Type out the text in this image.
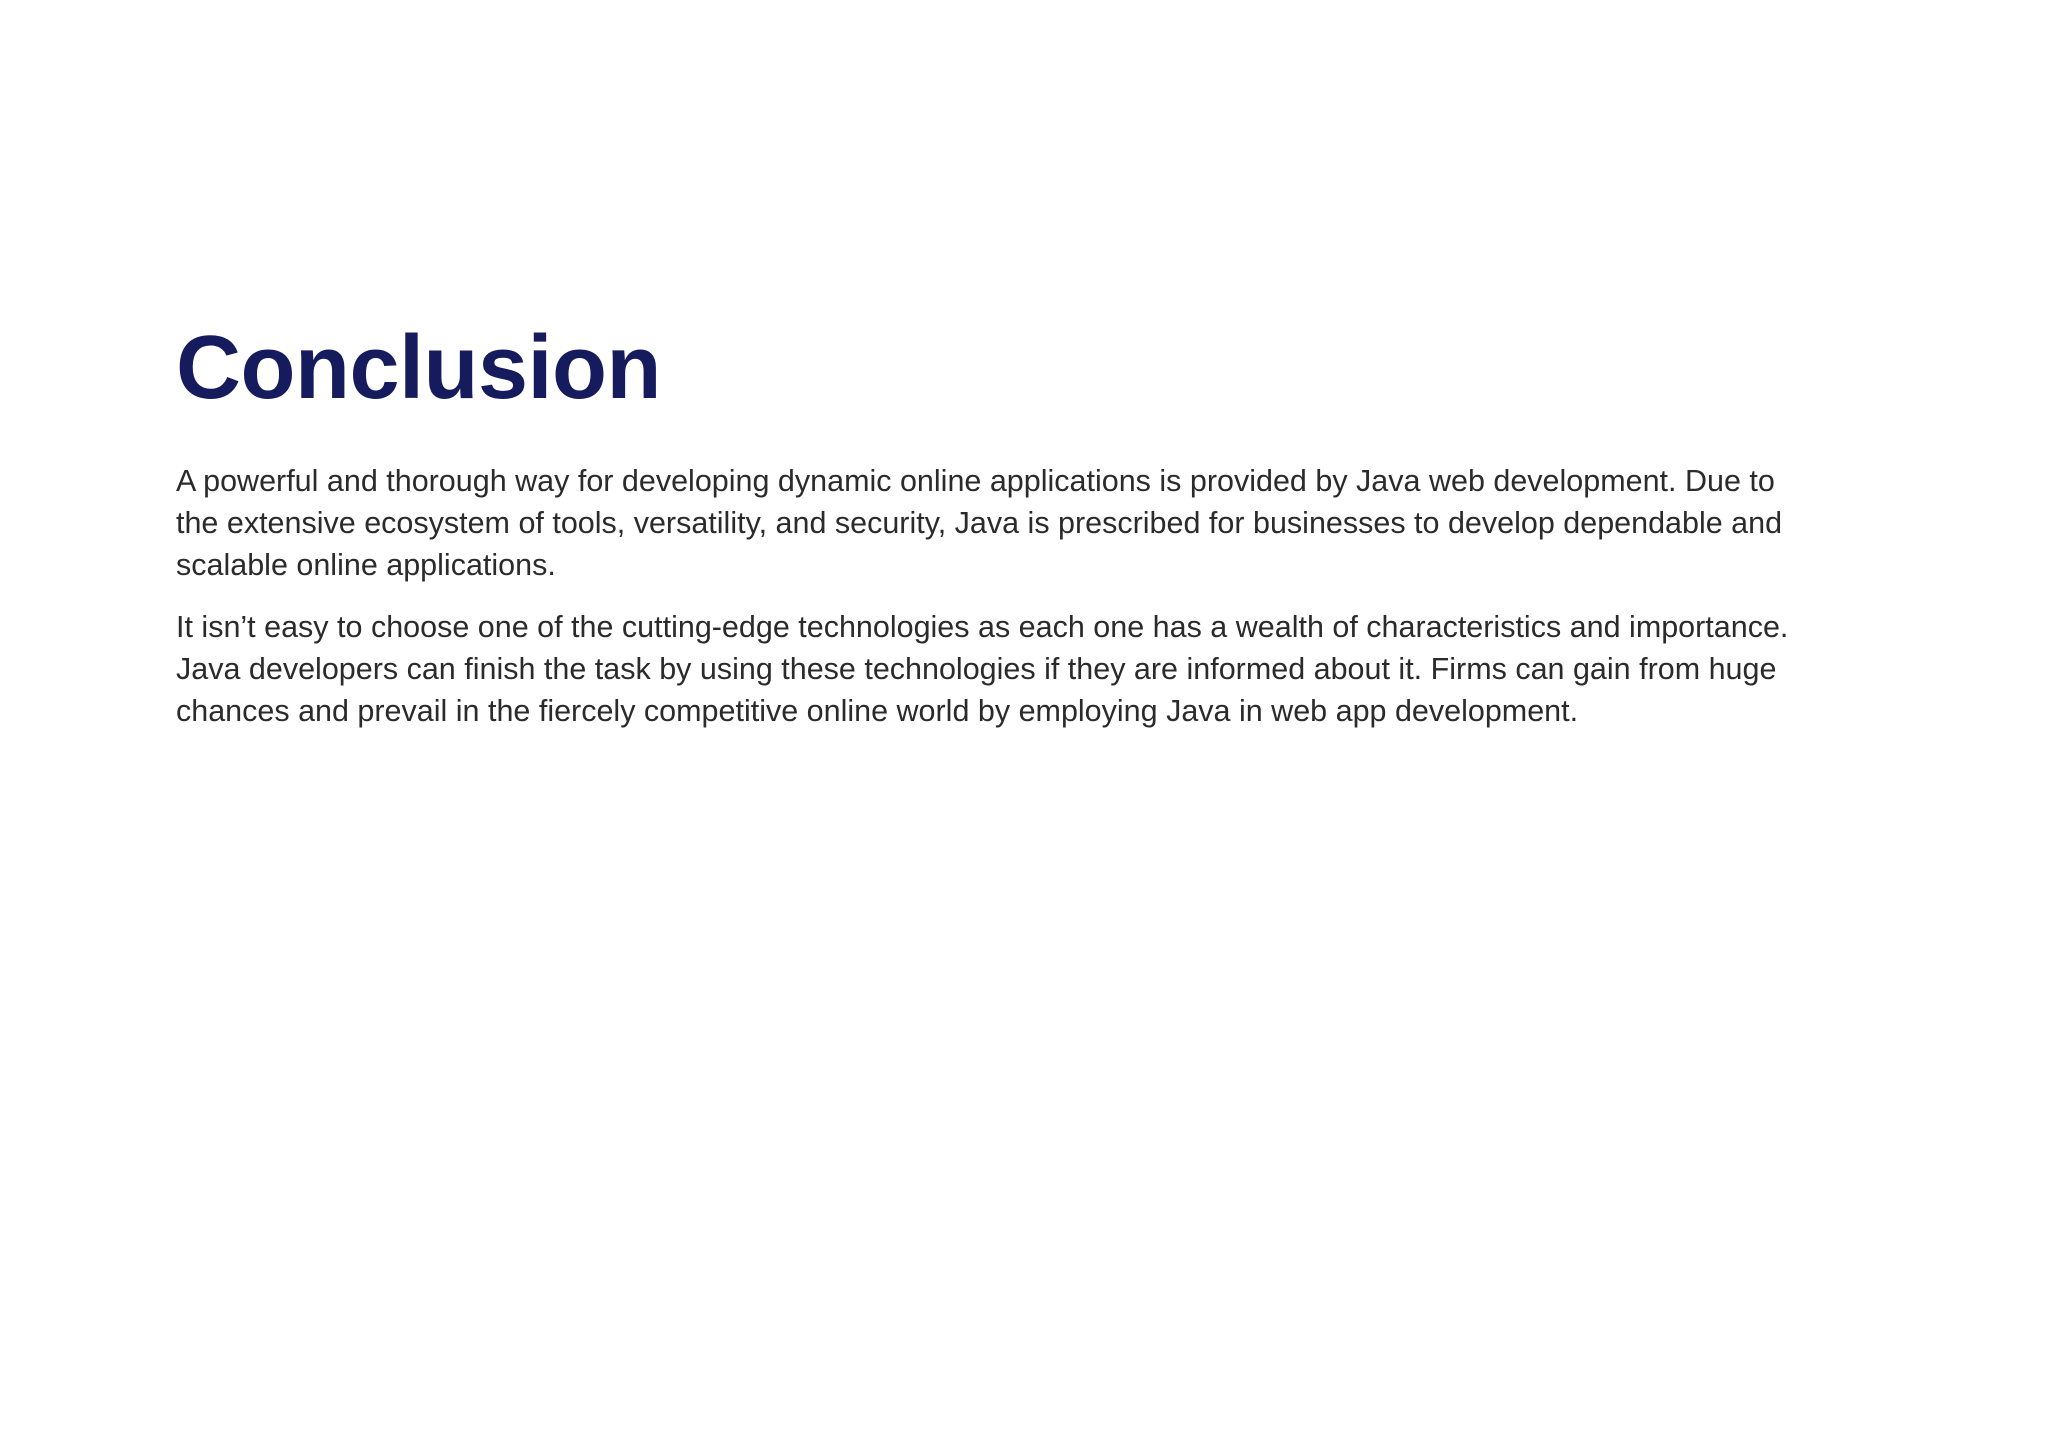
Conclusion

A powerful and thorough way for developing dynamic online applications is provided by Java web development. Due to
the extensive ecosystem of tools, versatility, and security, Java is prescribed for businesses to develop dependable and
scalable online applications.

It isn’t easy to choose one of the cutting-edge technologies as each one has a wealth of characteristics and importance.
Java developers can finish the task by using these technologies if they are informed about it. Firms can gain from huge
chances and prevail in the fiercely competitive online world by employing Java in web app development.
